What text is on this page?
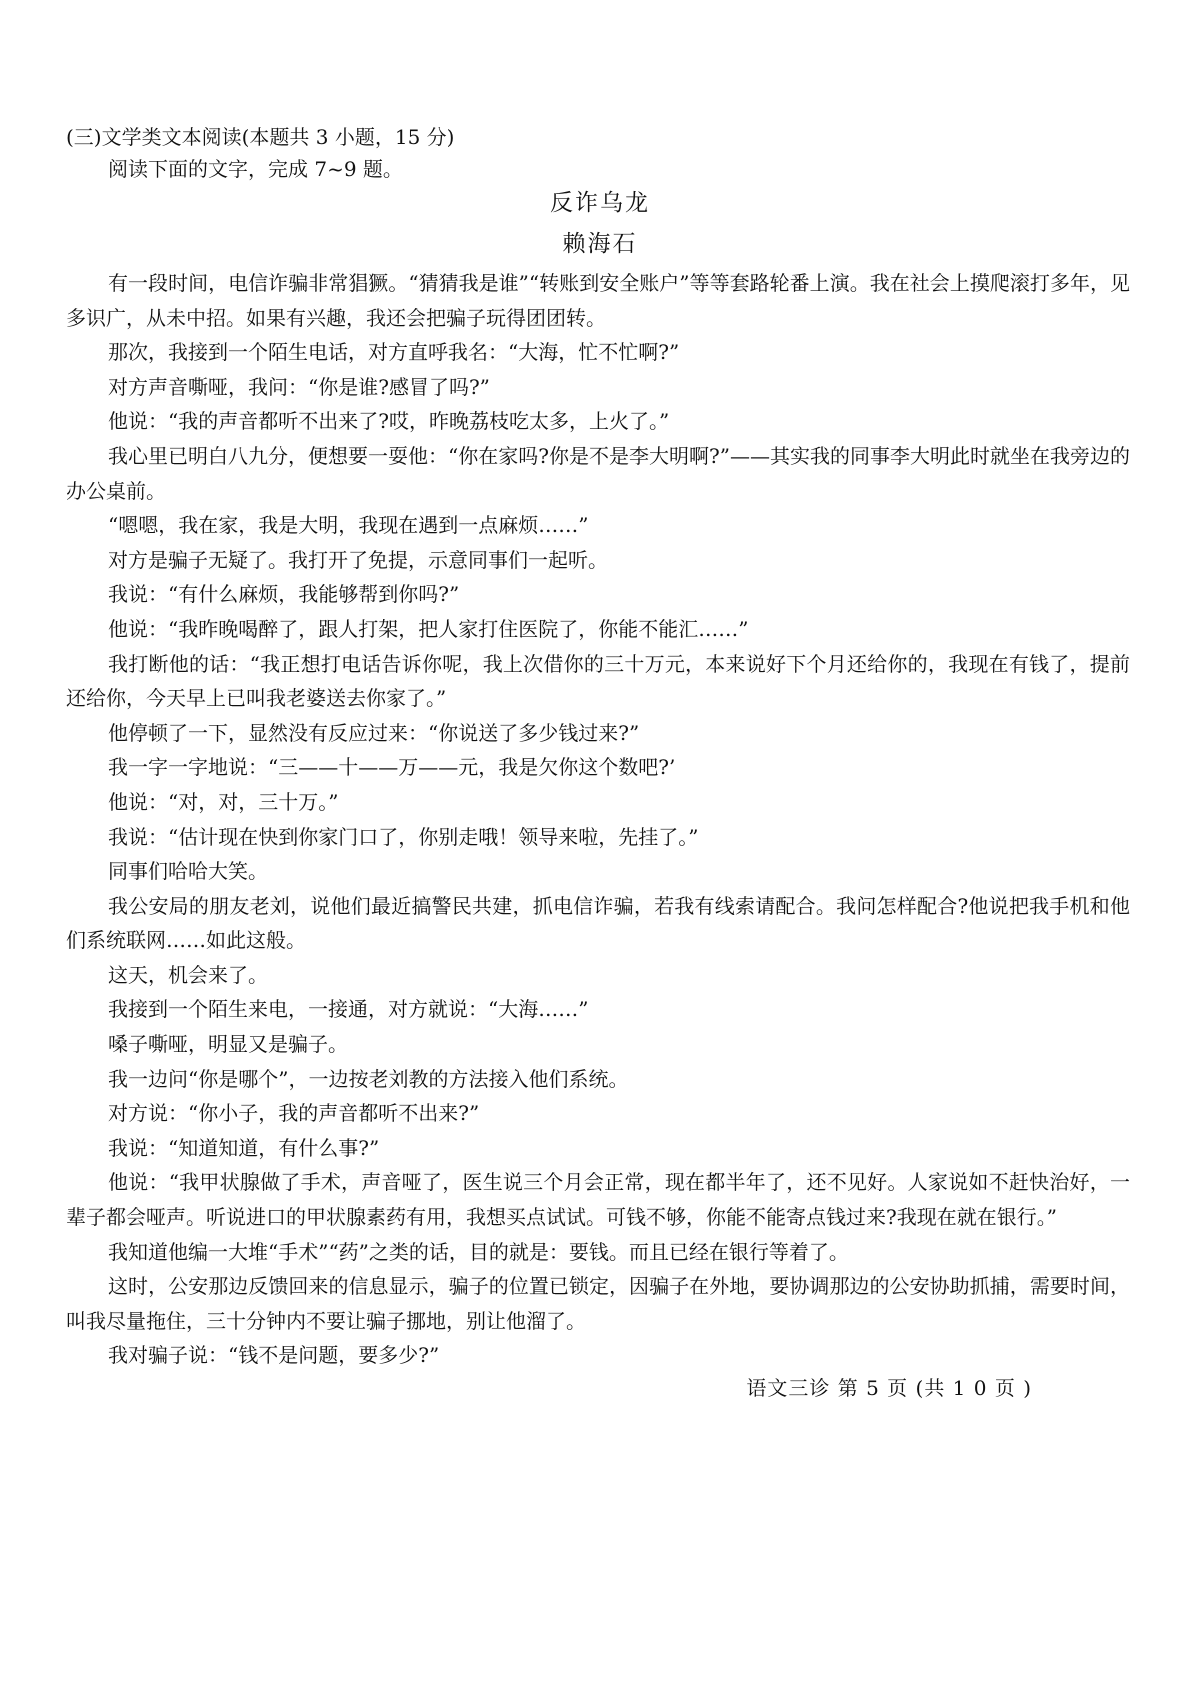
(三)文学类文本阅读(本题共 3 小题，15 分)
阅读下面的文字，完成 7~9 题。
反诈乌龙
赖海石

有一段时间，电信诈骗非常猖獗。“猜猜我是谁”“转账到安全账户”等等套路轮番上演。我在社会上摸爬滚打多年，见多识广，从未中招。如果有兴趣，我还会把骗子玩得团团转。

那次，我接到一个陌生电话，对方直呼我名：“大海，忙不忙啊?”

对方声音嘶哑，我问：“你是谁?感冒了吗?”

他说：“我的声音都听不出来了?哎，昨晚荔枝吃太多，上火了。”

我心里已明白八九分，便想要一耍他：“你在家吗?你是不是李大明啊?”——其实我的同事李大明此时就坐在我旁边的办公桌前。

“嗯嗯，我在家，我是大明，我现在遇到一点麻烦……”

对方是骗子无疑了。我打开了免提，示意同事们一起听。

我说：“有什么麻烦，我能够帮到你吗?”

他说：“我昨晚喝醉了，跟人打架，把人家打住医院了，你能不能汇……”

我打断他的话：“我正想打电话告诉你呢，我上次借你的三十万元，本来说好下个月还给你的，我现在有钱了，提前还给你，今天早上已叫我老婆送去你家了。”

他停顿了一下，显然没有反应过来：“你说送了多少钱过来?”

我一字一字地说：“三——十——万——元，我是欠你这个数吧?’

他说：“对，对，三十万。”

我说：“估计现在快到你家门口了，你别走哦！领导来啦，先挂了。”

同事们哈哈大笑。

我公安局的朋友老刘，说他们最近搞警民共建，抓电信诈骗，若我有线索请配合。我问怎样配合?他说把我手机和他们系统联网……如此这般。

这天，机会来了。

我接到一个陌生来电，一接通，对方就说：“大海……”

嗓子嘶哑，明显又是骗子。

我一边问“你是哪个”，一边按老刘教的方法接入他们系统。

对方说：“你小子，我的声音都听不出来?”

我说：“知道知道，有什么事?”

他说：“我甲状腺做了手术，声音哑了，医生说三个月会正常，现在都半年了，还不见好。人家说如不赶快治好，一辈子都会哑声。听说进口的甲状腺素药有用，我想买点试试。可钱不够，你能不能寄点钱过来?我现在就在银行。”

我知道他编一大堆“手术”“药”之类的话，目的就是：要钱。而且已经在银行等着了。

这时，公安那边反馈回来的信息显示，骗子的位置已锁定，因骗子在外地，要协调那边的公安协助抓捕，需要时间，叫我尽量拖住，三十分钟内不要让骗子挪地，别让他溜了。

我对骗子说：“钱不是问题，要多少?”

语文三诊 第 5 页 (共 1 0 页 )
